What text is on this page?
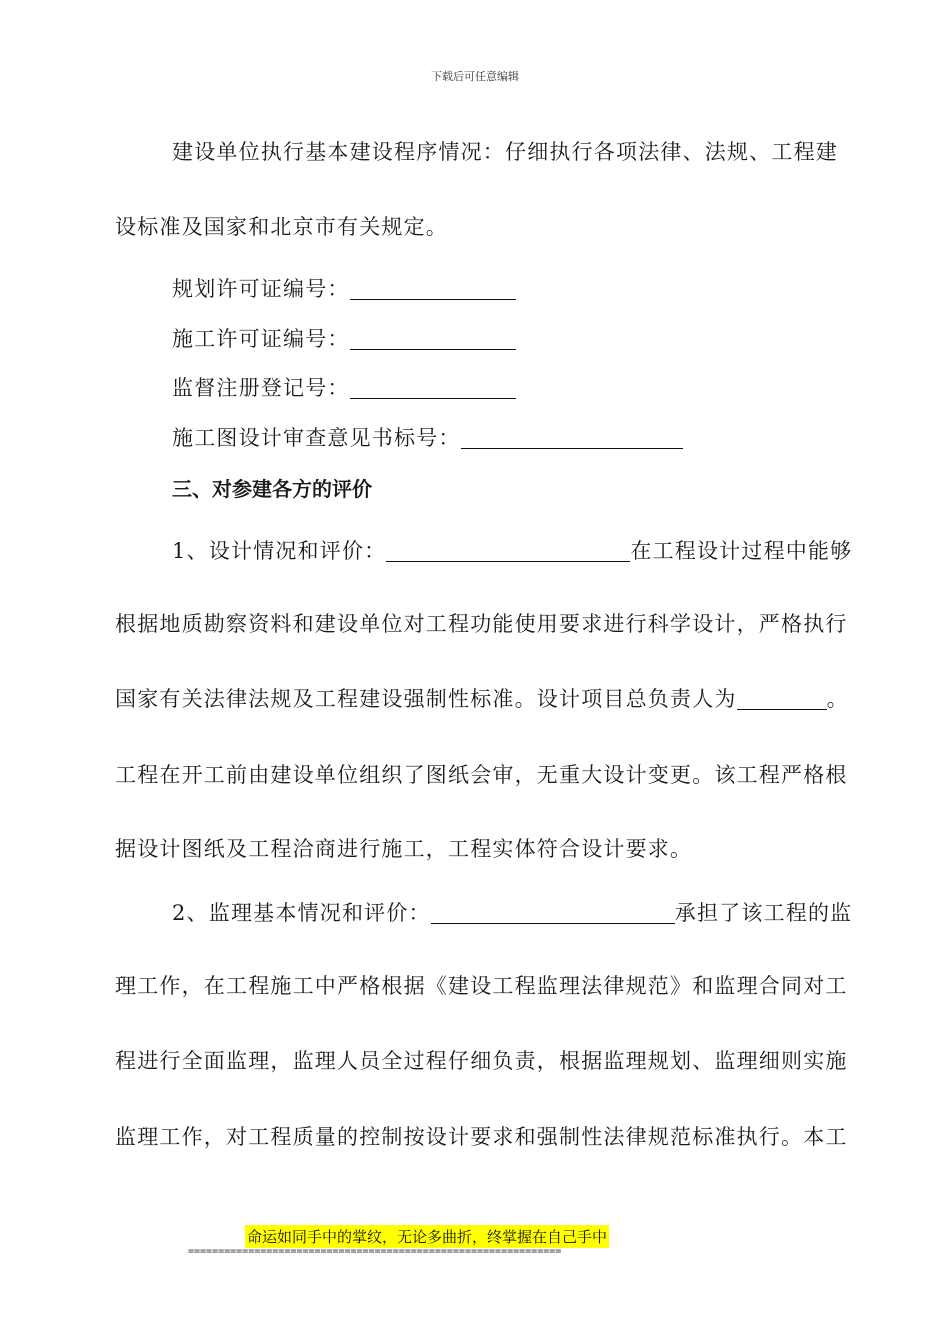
下载后可任意编辑
建设单位执行基本建设程序情况：仔细执行各项法律、法规、工程建
设标准及国家和北京市有关规定。
规划许可证编号：
施工许可证编号：
监督注册登记号：
施工图设计审查意见书标号：
三、对参建各方的评价
1、设计情况和评价：	在工程设计过程中能够
根据地质勘察资料和建设单位对工程功能使用要求进行科学设计，严格执行
国家有关法律法规及工程建设强制性标准。设计项目总负责人为	。
工程在开工前由建设单位组织了图纸会审，无重大设计变更。该工程严格根
据设计图纸及工程洽商进行施工，工程实体符合设计要求。
2、监理基本情况和评价：	承担了该工程的监
理工作，在工程施工中严格根据《建设工程监理法律规范》和监理合同对工
程进行全面监理，监理人员全过程仔细负责，根据监理规划、监理细则实施
监理工作，对工程质量的控制按设计要求和强制性法律规范标准执行。本工
命运如同手中的掌纹，无论多曲折，终掌握在自己手中
==============================================================
